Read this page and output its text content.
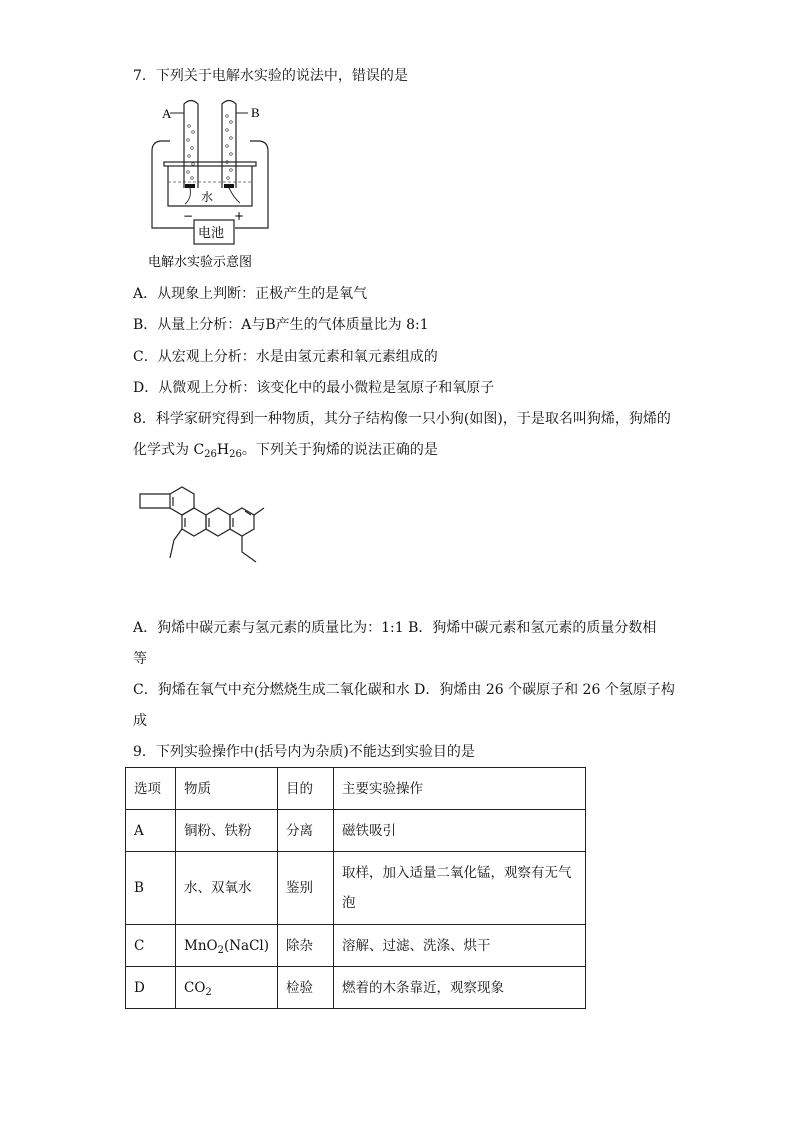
7．下列关于电解水实验的说法中，错误的是
A	B
水
−	+
电池
电解水实验示意图
A．从现象上判断：正极产生的是氧气
B．从量上分析：A与B产生的气体质量比为 8:1
C．从宏观上分析：水是由氢元素和氧元素组成的
D．从微观上分析：该变化中的最小微粒是氢原子和氧原子
8．科学家研究得到一种物质，其分子结构像一只小狗(如图)，于是取名叫狗烯，狗烯的
化学式为 $C_{26}H_{26}$。下列关于狗烯的说法正确的是
A．狗烯中碳元素与氢元素的质量比为：1:1 B．狗烯中碳元素和氢元素的质量分数相
等
C．狗烯在氧气中充分燃烧生成二氧化碳和水 D．狗烯由 26 个碳原子和 26 个氢原子构
成
9．下列实验操作中(括号内为杂质)不能达到实验目的是
选项	物质	目的	主要实验操作
A	铜粉、铁粉	分离	磁铁吸引
B	水、双氧水	鉴别	取样，加入适量二氧化锰，观察有无气
泡

C	MnO$_2$(NaCl)	除杂	溶解、过滤、洗涤、烘干
D	$CO_2$	检验	燃着的木条靠近，观察现象
